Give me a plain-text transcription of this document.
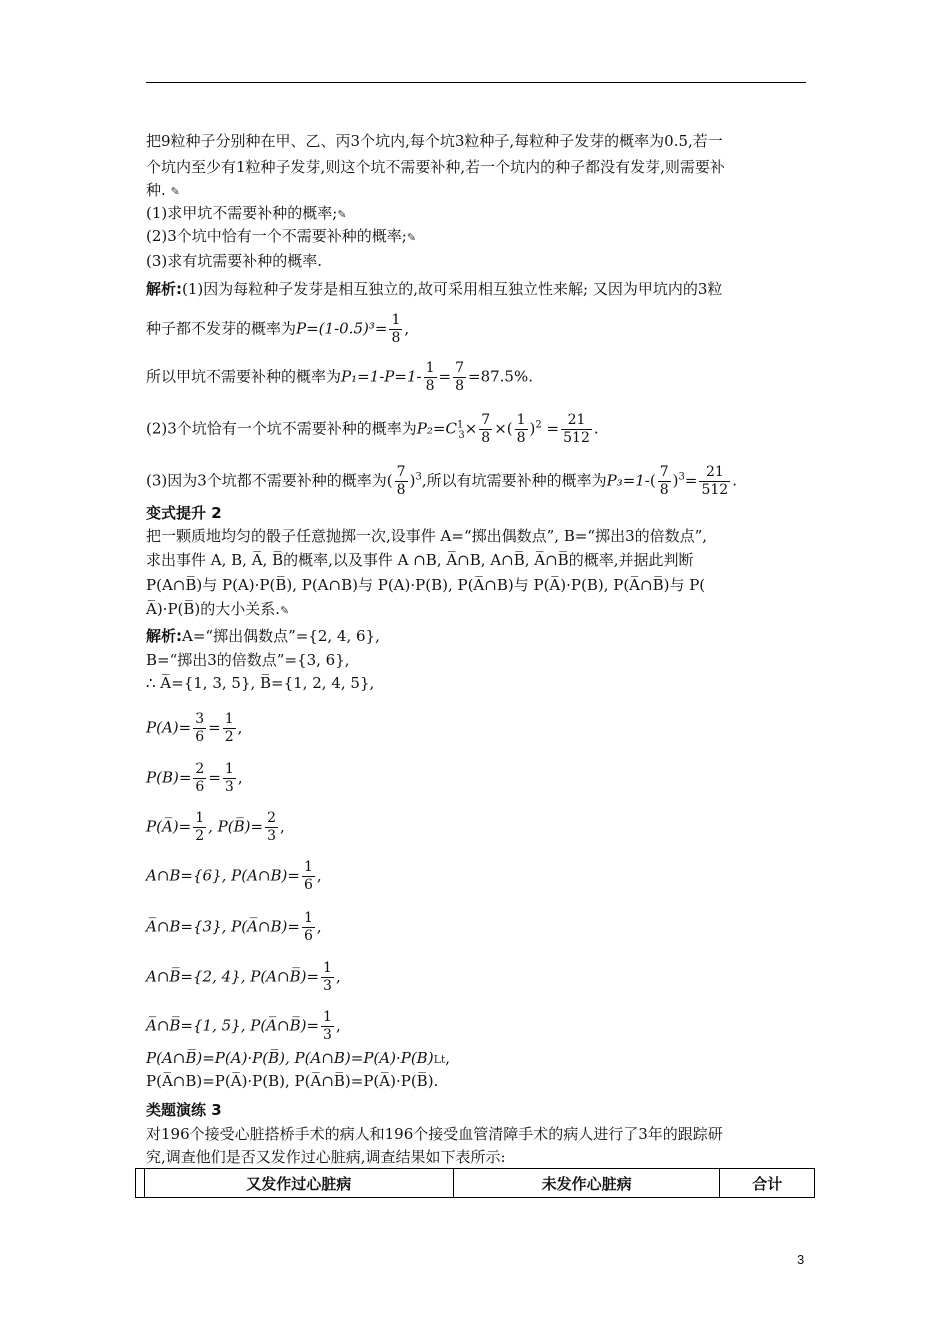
把9粒种子分别种在甲、乙、丙3个坑内,每个坑3粒种子,每粒种子发芽的概率为0.5,若一
个坑内至少有1粒种子发芽,则这个坑不需要补种,若一个坑内的种子都没有发芽,则需要补
种. ✎
(1)求甲坑不需要补种的概率;✎
(2)3个坑中恰有一个不需要补种的概率;✎
(3)求有坑需要补种的概率.
解析:(1)因为每粒种子发芽是相互独立的,故可采用相互独立性来解; 又因为甲坑内的3粒
种子都不发芽的概率为$P=(1-0.5)^3= \frac{1}{8}$ ,
所以甲坑不需要补种的概率为$P_1=1-P=1- \frac{1}{8} = \frac{7}{8} =87.5\%$.
(2)3个坑恰有一个坑不需要补种的概率为$P_2=C^1_3\times \frac{7}{8}$ ×( $\frac{1}{8} )^2 = \frac{21}{512}$ .
(3)因为3个坑都不需要补种的概率为( $\frac{7}{8} )^3$,所以有坑需要补种的概率为$P_3=1-( \frac{7}{8} )^3= \frac{21}{512}$ .
变式提升 2
把一颗质地均匀的骰子任意抛掷一次,设事件 A=“掷出偶数点”, B=“掷出3的倍数点”,
求出事件 A, B, A̅, B̅的概率,以及事件 A ∩B, A̅∩B, A∩B̅, A̅∩B̅的概率,并据此判断
P(A∩B̅)与 P(A)·P(B̅), P(A∩B)与 P(A)·P(B), P(A̅∩B)与 P(A̅)·P(B), P(A̅∩B̅)与 P(
A̅)·P(B̅)的大小关系.✎
解析:A=“掷出偶数点”={2, 4, 6},
B=“掷出3的倍数点”={3, 6},
∴ A̅={1, 3, 5}, B̅={1, 2, 4, 5},
$P(A)= \frac{3}{6} = \frac{1}{2}$ ,
$P(B)= \frac{2}{6} = \frac{1}{3}$ ,
P(A̅)= $\frac{1}{2}$ , P(B̅)= $\frac{2}{3}$ ,
A∩B={6}, P(A∩B)= $\frac{1}{6}$ ,
A̅∩B={3}, P(A̅∩B)= $\frac{1}{6}$ ,
A∩B̅={2, 4}, P(A∩B̅)= $\frac{1}{3}$ ,
A̅∩B̅={1, 5}, P(A̅∩B̅)= $\frac{1}{3}$ ,
P(A∩B̅)=P(A)·P(B̅), P(A∩B)=P(A)·P(B)Lt,
P(A̅∩B)=P(A̅)·P(B), P(A̅∩B̅)=P(A̅)·P(B̅).
类题演练 3
对196个接受心脏搭桥手术的病人和196个接受血管清障手术的病人进行了3年的跟踪研
究,调查他们是否又发作过心脏病,调查结果如下表所示:
	又发作过心脏病	未发作心脏病	合计
3
